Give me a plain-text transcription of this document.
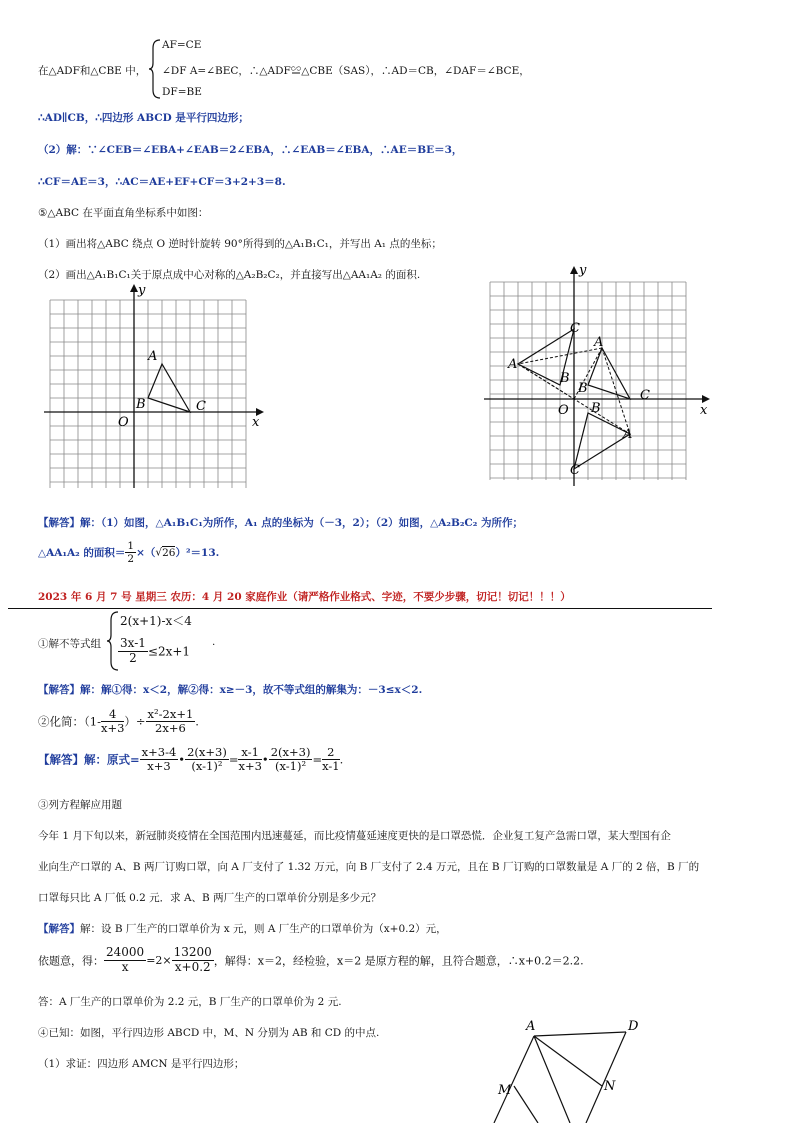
在△ADF和△CBE 中，
AF=CE
∠DF A=∠BEC，∴△ADF≌△CBE（SAS），∴AD＝CB，∠DAF＝∠BCE，
DF=BE
∴AD∥CB，∴四边形 ABCD 是平行四边形；
（2）解：∵∠CEB＝∠EBA+∠EAB＝2∠EBA，∴∠EAB＝∠EBA，∴AE＝BE＝3，
∴CF＝AE＝3，∴AC＝AE+EF+CF＝3+2+3＝8.
⑤△ABC 在平面直角坐标系中如图：
（1）画出将△ABC 绕点 O 逆时针旋转 90°所得到的△A₁B₁C₁，并写出 A₁ 点的坐标；
（2）画出△A₁B₁C₁关于原点成中心对称的△A₂B₂C₂，并直接写出△AA₁A₂ 的面积.
y
x
O
A
B	C
y
x
O
A
B	C
A
B
C
A
B
C
【解答】解：（1）如图，△A₁B₁C₁为所作，A₁ 点的坐标为（－3，2）；（2）如图，△A₂B₂C₂ 为所作；
△AA₁A₂ 的面积＝ $\frac{1}{2} \times(√26)^2=13$.
2023 年 6 月 7 号 星期三 农历：4 月 20 家庭作业（请严格作业格式、字迹，不要少步骤，切记！切记！！！）
①解不等式组
2(x+1)-x＜4
$\frac{3x-1}{2} \le 2x+1$
.
【解答】解：解①得：x＜2，解②得：x≥－3，故不等式组的解集为：－3≤x＜2.
②化简：（$1- \frac{4}{x+3}$ ）÷ $\frac{\text{x²-2x+1}}{2x+6}$ .
【解答】解：原式= $\frac{x+3-4}{x+3}$ • $\frac{2(x+3)}{\text{(x-1)²}} = \frac{x-1}{x+3}$ • $\frac{2(x+3)}{\text{(x-1)²}} = \frac{2}{x-1}$ .
③列方程解应用题
今年 1 月下旬以来，新冠肺炎疫情在全国范围内迅速蔓延，而比疫情蔓延速度更快的是口罩恐慌．企业复工复产急需口罩，某大型国有企
业向生产口罩的 A、B 两厂订购口罩，向 A 厂支付了 1.32 万元，向 B 厂支付了 2.4 万元，且在 B 厂订购的口罩数量是 A 厂的 2 倍，B 厂的
口罩每只比 A 厂低 0.2 元．求 A、B 两厂生产的口罩单价分别是多少元？
【解答】解：设 B 厂生产的口罩单价为 x 元，则 A 厂生产的口罩单价为（x+0.2）元，
依题意，得： $\frac{24000}{x} =2\times \frac{13200}{x+0.2}$ ，解得：x＝2，经检验，x＝2 是原方程的解，且符合题意，∴x+0.2＝2.2.
答：A 厂生产的口罩单价为 2.2 元，B 厂生产的口罩单价为 2 元.
④已知：如图，平行四边形 ABCD 中，M、N 分别为 AB 和 CD 的中点.
（1）求证：四边形 AMCN 是平行四边形；
A	D
M	N
